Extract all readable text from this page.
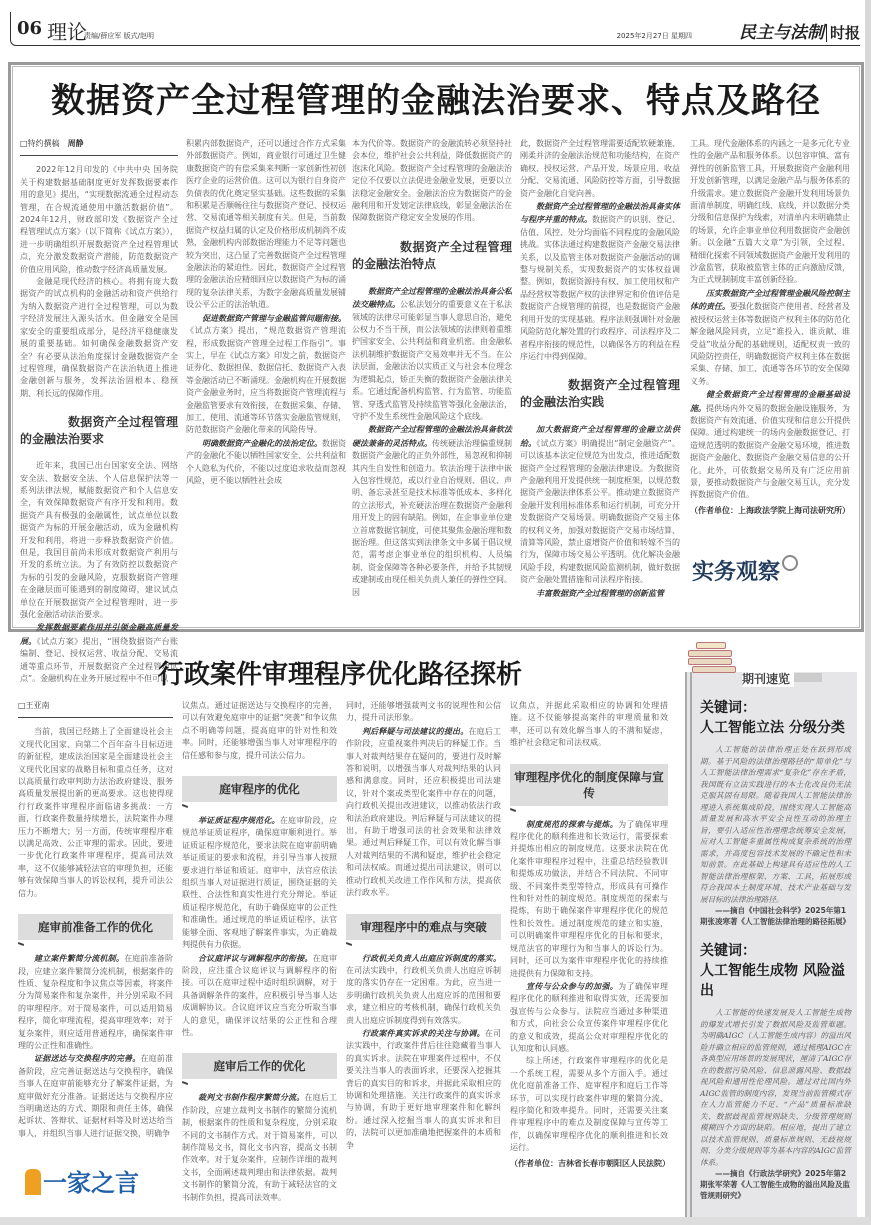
06 理论
责编/薛应军 版式/赵明	2025年2月27日 星期四	民主与法制 时报
数据资产全过程管理的金融法治要求、特点及路径
□特约撰稿 周静
2022年12月印发的《中共中央 国务院关于构建数据基础制度更好发挥数据要素作用的意见》提出，“实现数据流通全过程动态管理，在合规流通使用中激活数据价值”。2024年12月，财政部印发《数据资产全过程管理试点方案》（以下简称《试点方案》），进一步明确组织开展数据资产全过程管理试点，充分激发数据资产潜能，防范数据资产价值应用风险，推动数字经济高质量发展。
金融是现代经济的核心。将拥有庞大数据资产的试点机构的金融活动和资产供给行为纳入数据资产进行全过程管理，可以为数字经济发展注入源头活水。但金融安全是国家安全的重要组成部分，是经济平稳健康发展的重要基础。如何确保金融数据资产安全？有必要从法治角度探讨金融数据资产全过程管理，确保数据资产在法治轨道上推进金融创新与服务，发挥法治固根本、稳预期、利长远的保障作用。
数据资产全过程管理的金融法治要求
近年来，我国已出台国家安全法、网络安全法、数据安全法、个人信息保护法等一系列法律法规，赋能数据资产和个人信息安全，有效保障数据资产有序开发和利用。数据资产具有极强的金融属性，试点单位以数据资产为标的开展金融活动，成为金融机构开发和利用，将进一步释放数据资产价值。但是，我国目前尚未形成对数据资产利用与开发的系统立法。为了有效防控以数据资产为标的引发的金融风险，克服数据资产管理在金融层面可能遇到的制度障碍，建议试点单位在开展数据资产全过程管理时，进一步强化金融活动法治要求。
发挥数据要素作用并引领金融高质量发展。《试点方案》提出，“围绕数据资产台账编制、登记、授权运营、收益分配、交易流通等重点环节，开展数据资产全过程管理试点”。金融机构在业务开展过程中不但可以
积累内部数据资产，还可以通过合作方式采集外部数据资产。例如，商业银行可通过卫生健康数据资产的有偿采集来判断一家创新性初创医疗企业的运营价值。这可以为银行自身资产负债表的优化奠定坚实基础。这些数据的采集和积累是否顺畅往往与数据资产登记、授权运营、交易流通等相关制度有关。但是，当前数据资产权益归属的认定及价格形成机制尚不成熟，金融机构内部数据治理能力不足等问题也较为突出，这凸显了完善数据资产全过程管理金融法治的紧迫性。因此，数据资产全过程管理的金融法治应精细回应以数据资产为标的涌现的复杂法律关系，为数字金融高质量发展铺设公平公正的法治轨道。
促进数据资产管理与金融监管问题衔接。《试点方案》提出，“规范数据资产管理流程，形成数据资产管理全过程工作指引”。事实上，早在《试点方案》印发之前，数据资产证券化、数据担保、数据信托、数据资产入表等金融活动已不断涌现。金融机构在开展数据资产金融业务时，应当将数据资产管理流程与金融监管要求有效衔接，在数据采集、存储、加工、使用、流通等环节落实金融监管规则，防范数据资产金融化带来的风险传导。
明确数据资产金融化的法治定位。数据资产的金融化不能以牺牲国家安全、公共利益和个人隐私为代价，不能以过度追求收益而忽视风险，更不能以牺牲社会成
本为代价等。数据资产的金融流转必须坚持社会本位，维护社会公共利益，降低数据资产的泡沫化风险。数据资产全过程管理的金融法治定位不仅要以立法促进金融业发展，更要以立法稳定金融安全。金融法治应为数据资产的金融利用和开发划定法律底线，彰显金融法治在保障数据资产稳定安全发展的作用。
数据资产全过程管理的金融法治特点
数据资产全过程管理的金融法治具备公私法交融特点。公私法划分的重要意义在于私法领域的法律尽可能彰显当事人意思自治，避免公权力不当干预，而公法领域的法律则着重维护国家安全、公共利益和商业机密。由金融私法机制维护数据资产交易效率并无不当。在公法层面，金融法治以实质正义与社会本位理念为逻辑起点，矫正失衡的数据资产金融法律关系。它通过配备机构监管、行为监管、功能监管、穿透式监管及持续监管等强化金融法治，守护不发生系统性金融风险这个底线。
数据资产全过程管理的金融法治具备软法硬法兼备的灵活特点。传统硬法治理偏重规制数据资产金融化的正负外部性，易忽视和抑制其内生自发性和创造力。软法治理于法律中嵌入包容性规范，或以行业自治规则、倡议、声明、备忘录甚至是技术标准等低成本、多样化的立法形式，补充硬法治理在数据资产金融利用开发上的固有缺陷。例如，在企事业单位建立首席数据官制度，可使其聚焦金融治理和数据治理。但这落实到法律条文中多属于倡议规范，需考虑企事业单位的组织机构、人员编制、资金保障等各种必要条件，并给予其韧规或建制或由现任相关负责人兼任的弹性空间。因
此，数据资产全过程管理需要适配软硬兼施、刚柔并济的金融法治规范和功能结构，在资产确权、授权运营、产品开发、场景应用、收益分配、交易流通、风险防控等方面，引导数据资产金融化自觉向善。
数据资产全过程管理的金融法治具备实体与程序并重的特点。数据资产的识别、登记、估值、风控、处分均面临不同程度的金融风险挑战。实体法通过构建数据资产金融交易法律关系，以及监管主体对数据资产金融活动的调整与规制关系，实现数据资产的实体权益调整。例如，数据资源持有权、加工使用权和产品经营权等数据产权的法律界定和价值评估是数据资产合规管理的前提，也是数据资产金融利用开发的实现基础。程序法则强调针对金融风险防范化解处置的行政程序、司法程序及二者程序衔接的规范性，以确保各方的利益在程序运行中得到保障。
数据资产全过程管理的金融法治实践
加大数据资产全过程管理的金融立法供给。《试点方案》明确提出“制定金融资产”。可以该基本法定位规范为出发点，推进适配数据资产全过程管理的金融法律建设。为数据资产金融利用开发提供统一制度框架，以规范数据资产金融法律体系公平。推动建立数据资产金融开发利用标准体系和运行机制，可充分开发数据资产交易场景。明确数据资产交易主体的权利义务，加强对数据资产交易市场结算、清算等风险，禁止虚增资产价值和转嫁不当的行为，保障市场交易公平透明。优化解决金融风险手段，构建数据风险监测机制，做好数据资产金融处置措施和司法程序衔接。
丰富数据资产全过程管理的创新监管
工具。现代金融体系的内涵之一是多元化专业性的金融产品和服务体系。以包容审慎、富有弹性的创新监管工具，开展数据资产金融利用开发创新管理，以满足金融产品与服务体系的升级需求。建立数据资产金融开发利用场景负面清单制度，明确红线、底线，并以数据分类分级和信息保护为线索，对清单内未明确禁止的场景，允许企事业单位利用数据资产金融创新。以金融“五篇大文章”为引领，全过程、精细化探索不同领域数据资产金融开发利用的沙盒监管，获取被监管主体的正向激励反馈，为正式规制制度丰富创新经验。
压实数据资产全过程管理金融风险控制主体的责任。要强化数据资产使用者、经营者及被授权运营主体等数据资产权利主体的防范化解金融风险同责，立足“谁投入、谁贡献、谁受益”收益分配的基础规则，适配权责一致的风险防控责任，明确数据资产权利主体在数据采集、存储、加工、流通等各环节的安全保障义务。
健全数据资产全过程管理的金融基础设施。提供场内外交易的数据金融设施服务，为数据资产有效流通、价值实现和信息公开提供保障。通过构建统一的场内金融数据登记、打造规范透明的数据资产金融交易环境，推进数据资产金融化、数据资产金融交易信息的公开化。此外，可依数据交易所及有广泛应用前景，要推动数据资产与金融交易互认，充分发挥数据资产价值。
（作者单位：上海政法学院上海司法研究所）
实务观察
行政案件审理程序优化路径探析
□王亚南
当前，我国已经踏上了全面建设社会主义现代化国家、向第二个百年奋斗目标迈进的新征程，建成法治国家是全面建设社会主义现代化国家的战略目标和重点任务，这对以高质量行政审判助力法治政府建设、服务高质量发展提出新的更高要求。这也使得现行行政案件审理程序面临诸多挑战：一方面，行政案件数量持续增长，法院案件办理压力不断增大；另一方面，传统审理程序难以满足高效、公正审理的需求。因此，要进一步优化行政案件审理程序，提高司法效率，这不仅能够减轻法官的审理负担，还能够有效保障当事人的诉讼权利，提升司法公信力。
庭审前准备工作的优化
建立案件繁简分流机制。在庭前准备阶段，应建立案件繁简分流机制，根据案件的性质、复杂程度和争议焦点等因素，将案件分为简易案件和复杂案件，并分别采取不同的审理程序。对于简易案件，可以适用简易程序，简化审理流程，提高审理效率；对于复杂案件，则应适用普通程序，确保案件审理的公正性和准确性。
证据送达与交换程序的完善。在庭前准备阶段，应完善证据送达与交换程序，确保当事人在庭审前能够充分了解案件证据，为庭审做好充分准备。证据送达与交换程序应当明确送达的方式、期限和责任主体，确保起诉状、答辩状、证据材料等及时送达给当事人，并组织当事人进行证据交换，明确争
议焦点。通过证据送达与交换程序的完善，可以有效避免庭审中的证据“突袭”和争议焦点不明确等问题，提高庭审的针对性和效率。同时，还能够增强当事人对审理程序的信任感和参与度，提升司法公信力。
庭审程序的优化
举证质证程序规范化。在庭审阶段，应规范举证质证程序，确保庭审顺利进行。举证质证程序规范化，要求法院在庭审前明确举证质证的要求和流程，并引导当事人按照要求进行举证和质证。庭审中，法官应依法组织当事人对证据进行质证，围绕证据的关联性、合法性和真实性进行充分辩论。举证质证程序规范化，有助于确保庭审的公正性和准确性。通过规范的举证质证程序，法官能够全面、客观地了解案件事实，为正确裁判提供有力依据。
合议庭评议与调解程序的衔接。在庭审阶段，应注重合议庭评议与调解程序的衔接。可以在庭审过程中适时组织调解，对于具备调解条件的案件，应积极引导当事人达成调解协议。合议庭评议应当充分听取当事人的意见，确保评议结果的公正性和合理性。
庭审后工作的优化
裁判文书制作程序繁简分流。在庭后工作阶段，应建立裁判文书制作的繁简分流机制，根据案件的性质和复杂程度，分别采取不同的文书制作方式。对于简易案件，可以制作简易文书，简化文书内容，提高文书制作效率。对于复杂案件，应制作详细的裁判文书，全面阐述裁判理由和法律依据。裁判文书制作的繁简分流，有助于减轻法官的文书制作负担，提高司法效率。
同时，还能够增强裁判文书的说理性和公信力，提升司法形象。
判后释疑与司法建议的提出。在庭后工作阶段，应重视案件判决后的释疑工作。当事人对裁判结果存在疑问的，要进行及时解答和说明，以增强当事人对裁判结果的认同感和满意度。同时，还应积极提出司法建议，针对个案或类型化案件中存在的问题，向行政机关提出改进建议，以推动依法行政和法治政府建设。判后释疑与司法建议的提出，有助于增强司法的社会效果和法律效果。通过判后释疑工作，可以有效化解当事人对裁判结果的不满和疑虑，维护社会稳定和司法权威。而通过提出司法建议，则可以推动行政机关改进工作作风和方法，提高依法行政水平。
审理程序中的难点与突破
行政机关负责人出庭应诉制度的落实。在司法实践中，行政机关负责人出庭应诉制度的落实仍存在一定困难。为此，应当进一步明确行政机关负责人出庭应诉的范围和要求，建立相应的考核机制，确保行政机关负责人出庭应诉制度得到有效落实。
行政案件真实诉求的关注与协调。在司法实践中，行政案件背后往往隐藏着当事人的真实诉求。法院在审理案件过程中，不仅要关注当事人的表面诉求，还要深入挖掘其背后的真实目的和诉求，并据此采取相应的协调和处理措施。关注行政案件的真实诉求与协调，有助于更好地审理案件和化解纠纷。通过深入挖掘当事人的真实诉求和目的，法院可以更加准确地把握案件的本质和争
议焦点，并据此采取相应的协调和处理措施。这不仅能够提高案件的审理质量和效率，还可以有效化解当事人的不满和疑虑，维护社会稳定和司法权威。
审理程序优化的制度保障与宣传
制度规范的探索与提炼。为了确保审理程序优化的顺利推进和长效运行，需要探索并提炼出相应的制度规范。这要求法院在优化案件审理程序过程中，注重总结经验教训和提炼成功做法，并结合不同法院、不同审级、不同案件类型等特点，形成具有可操作性和针对性的制度规范。制度规范的探索与提炼，有助于确保案件审理程序优化的规范性和长效性。通过制度规范的建立和实施，可以明确案件审理程序优化的目标和要求，规范法官的审理行为和当事人的诉讼行为。同时，还可以为案件审理程序优化的持续推进提供有力保障和支持。
宣传与公众参与的加强。为了确保审理程序优化的顺利推进和取得实效，还需要加强宣传与公众参与。法院应当通过多种渠道和方式，向社会公众宣传案件审理程序优化的意义和成效，提高公众对审理程序优化的认知度和认同感。
综上所述，行政案件审理程序的优化是一个系统工程，需要从多个方面入手。通过优化庭前准备工作、庭审程序和庭后工作等环节，可以实现行政案件审理的繁简分流、程序简化和效率提升。同时，还需要关注案件审理程序中的难点及制度保障与宣传等工作，以确保审理程序优化的顺利推进和长效运行。
（作者单位：吉林省长春市朝阳区人民法院）
一家之言
关键词：
人工智能立法 分级分类
人工智能的法律治理正处在跃到形成期。基于风险的法律治理路径的“简单化”与人工智能法律治理需求“复杂化”存在矛盾，我国既有立法实践进行的本土化改良仍无法克服其固有局限。随着我国人工智能法律治理进入系统集成阶段，围绕实现人工智能高质量发展和高水平安全良性互动的治理主旨，要引入适应性治理理念统筹安全发展，应对人工智能多重属性构成复杂系统的治理需求，并高度包容技术发展的不确定性和未知前景。在此基础上构建具有适应性的人工智能法律治理框架、方案、工具，拓展形成符合我国本土制度环境、技术产业基础与发展目标的法律治理路径。
——摘自《中国社会科学》2025年第1期张凌寒著《人工智能法律治理的路径拓展》
关键词：
人工智能生成物 风险溢出
人工智能的快速发展及人工智能生成物的爆发式增长引发了数据风险及监管难题。为明确AIGC（人工智能生成内容）的溢出风险并确立相应的监管规则，通过梳理AIGC在各典型应用场景的发展现状，厘清了AIGC存在的数据污染风险、信息泄露风险、数据歧视风险和通用性伦理风险。通过对比国内外AIGC监管的制度内容，发现当前监管模式存在人力监管能力不足、“产品”质量标准缺失、数据歧视监管规则缺失、分级管理规则模糊四个方面的缺陷。相应地，提出了建立以技术监管规则、质量标准规则、无歧视规则、分类分级规则等为基本内容的AIGC监管体系。
——摘自《行政法学研究》2025年第2期张军荣著《人工智能生成物的溢出风险及监管规则研究》
期刊速览
